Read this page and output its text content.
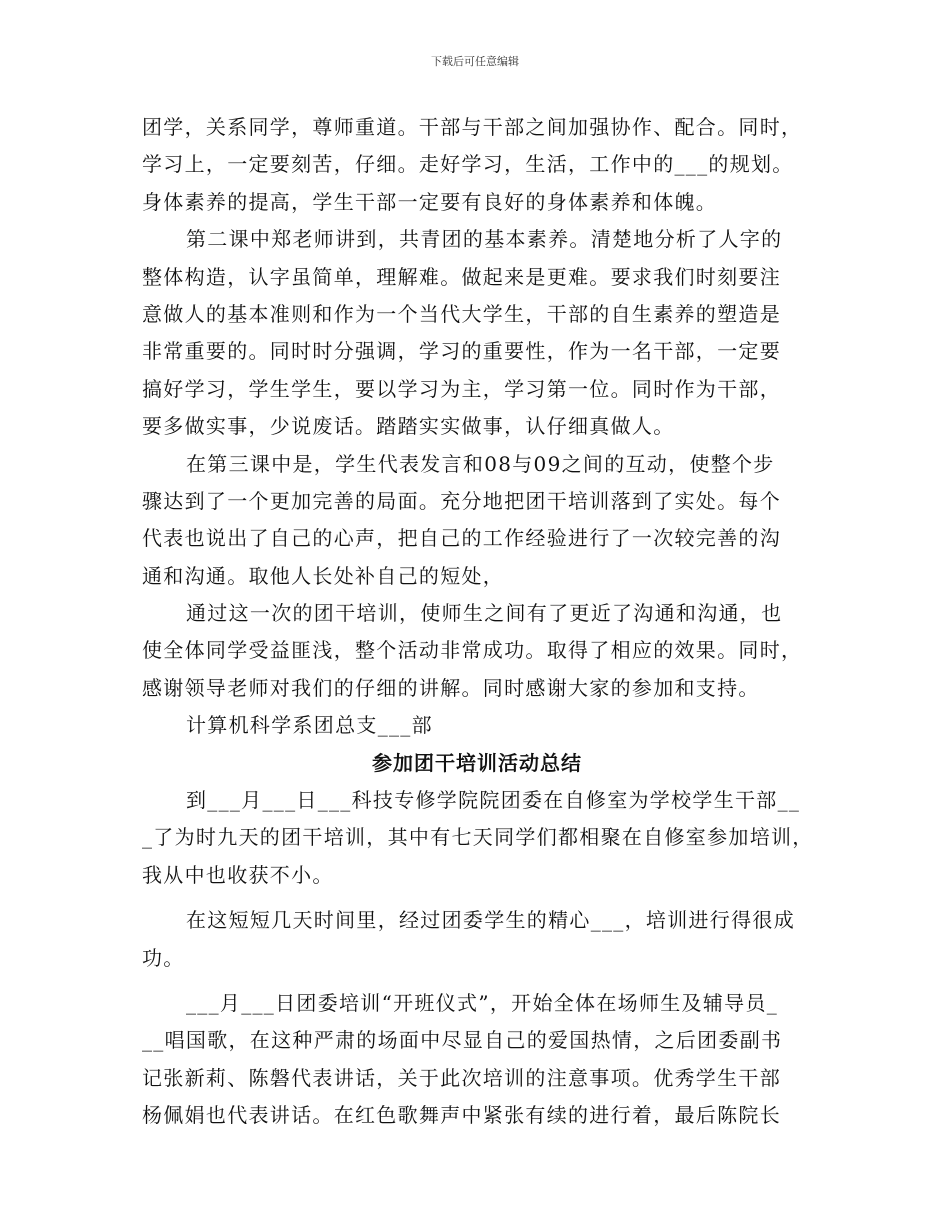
下载后可任意编辑
团学，关系同学，尊师重道。干部与干部之间加强协作、配合。同时，
学习上，一定要刻苦，仔细。走好学习，生活，工作中的___的规划。
身体素养的提高，学生干部一定要有良好的身体素养和体魄。
第二课中郑老师讲到，共青团的基本素养。清楚地分析了人字的
整体构造，认字虽简单，理解难。做起来是更难。要求我们时刻要注
意做人的基本准则和作为一个当代大学生，干部的自生素养的塑造是
非常重要的。同时时分强调，学习的重要性，作为一名干部，一定要
搞好学习，学生学生，要以学习为主，学习第一位。同时作为干部，
要多做实事，少说废话。踏踏实实做事，认仔细真做人。
在第三课中是，学生代表发言和08与09之间的互动，使整个步
骤达到了一个更加完善的局面。充分地把团干培训落到了实处。每个
代表也说出了自己的心声，把自己的工作经验进行了一次较完善的沟
通和沟通。取他人长处补自己的短处，
通过这一次的团干培训，使师生之间有了更近了沟通和沟通，也
使全体同学受益匪浅，整个活动非常成功。取得了相应的效果。同时，
感谢领导老师对我们的仔细的讲解。同时感谢大家的参加和支持。
计算机科学系团总支___部
参加团干培训活动总结
到___月___日___科技专修学院院团委在自修室为学校学生干部__
_了为时九天的团干培训，其中有七天同学们都相聚在自修室参加培训，
我从中也收获不小。
在这短短几天时间里，经过团委学生的精心___，培训进行得很成
功。
___月___日团委培训“开班仪式”，开始全体在场师生及辅导员_
__唱国歌，在这种严肃的场面中尽显自己的爱国热情，之后团委副书
记张新莉、陈磐代表讲话，关于此次培训的注意事项。优秀学生干部
杨佩娟也代表讲话。在红色歌舞声中紧张有续的进行着，最后陈院长
